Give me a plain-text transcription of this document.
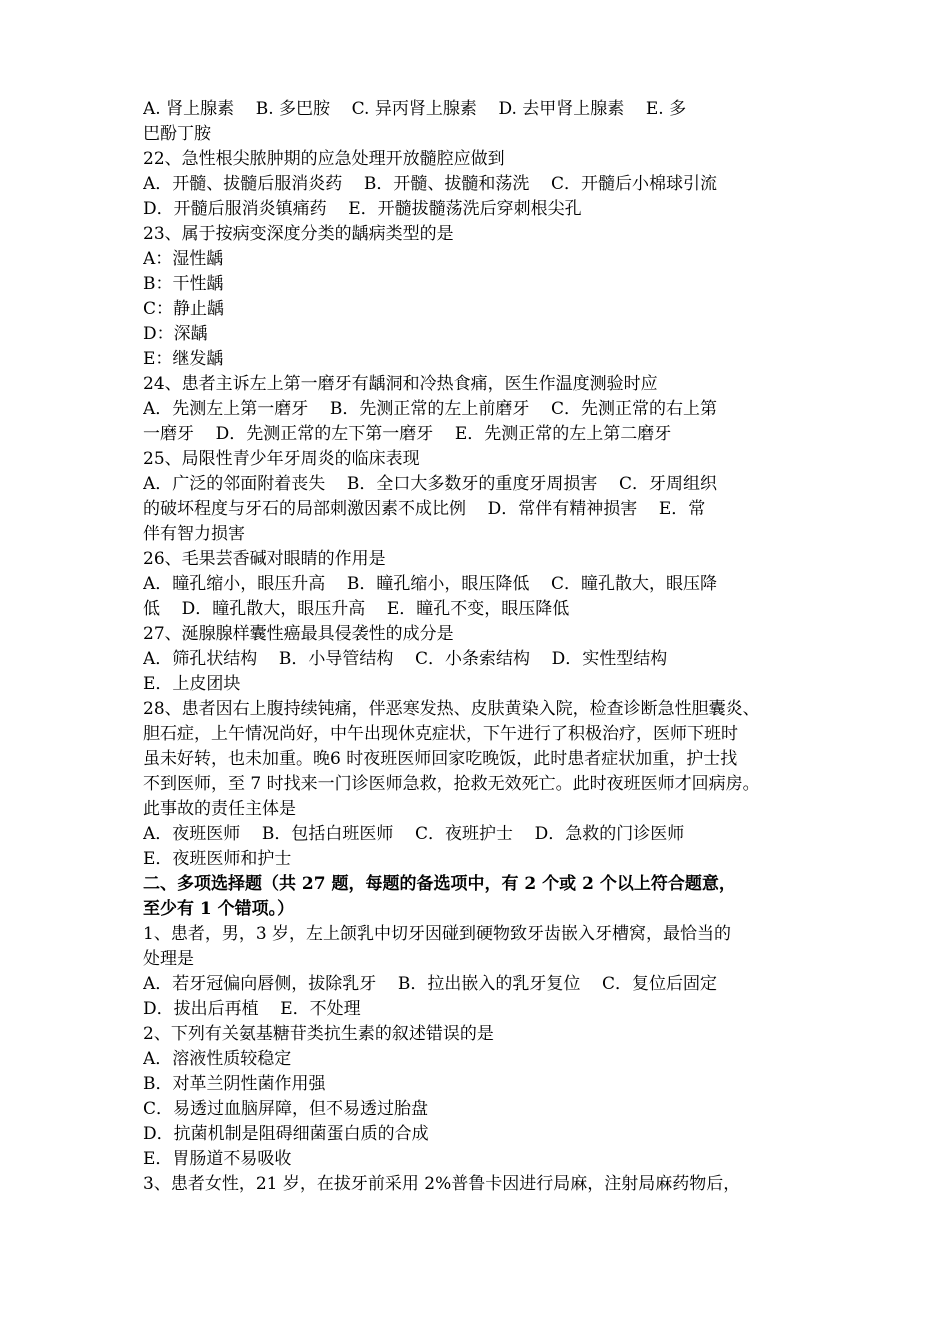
A. 肾上腺素    B. 多巴胺    C. 异丙肾上腺素    D. 去甲肾上腺素    E. 多
巴酚丁胺
22、急性根尖脓肿期的应急处理开放髓腔应做到
A．开髓、拔髓后服消炎药    B．开髓、拔髓和荡洗    C．开髓后小棉球引流
D．开髓后服消炎镇痛药    E．开髓拔髓荡洗后穿刺根尖孔
23、属于按病变深度分类的龋病类型的是
A：湿性龋
B：干性龋
C：静止龋
D：深龋
E：继发龋
24、患者主诉左上第一磨牙有龋洞和冷热食痛，医生作温度测验时应
A．先测左上第一磨牙    B．先测正常的左上前磨牙    C．先测正常的右上第
一磨牙    D．先测正常的左下第一磨牙    E．先测正常的左上第二磨牙
25、局限性青少年牙周炎的临床表现
A．广泛的邻面附着丧失    B．全口大多数牙的重度牙周损害    C．牙周组织
的破坏程度与牙石的局部刺激因素不成比例    D．常伴有精神损害    E．常
伴有智力损害
26、毛果芸香碱对眼睛的作用是
A．瞳孔缩小，眼压升高    B．瞳孔缩小，眼压降低    C．瞳孔散大，眼压降
低    D．瞳孔散大，眼压升高    E．瞳孔不变，眼压降低
27、涎腺腺样囊性癌最具侵袭性的成分是
A．筛孔状结构    B．小导管结构    C．小条索结构    D．实性型结构
E．上皮团块
28、患者因右上腹持续钝痛，伴恶寒发热、皮肤黄染入院，检查诊断急性胆囊炎、
胆石症，上午情况尚好，中午出现休克症状，下午进行了积极治疗，医师下班时
虽未好转，也未加重。晚6 时夜班医师回家吃晚饭，此时患者症状加重，护士找
不到医师，至 7 时找来一门诊医师急救，抢救无效死亡。此时夜班医师才回病房。
此事故的责任主体是
A．夜班医师    B．包括白班医师    C．夜班护士    D．急救的门诊医师
E．夜班医师和护士
二、多项选择题（共 27 题，每题的备选项中，有 2 个或 2 个以上符合题意，
至少有 1 个错项。）
1、患者，男，3 岁，左上颌乳中切牙因碰到硬物致牙齿嵌入牙槽窝，最恰当的
处理是
A．若牙冠偏向唇侧，拔除乳牙    B．拉出嵌入的乳牙复位    C．复位后固定
D．拔出后再植    E．不处理
2、下列有关氨基糖苷类抗生素的叙述错误的是
A．溶液性质较稳定
B．对革兰阴性菌作用强
C．易透过血脑屏障，但不易透过胎盘
D．抗菌机制是阻碍细菌蛋白质的合成
E．胃肠道不易吸收
3、患者女性，21 岁，在拔牙前采用 2%普鲁卡因进行局麻，注射局麻药物后，
